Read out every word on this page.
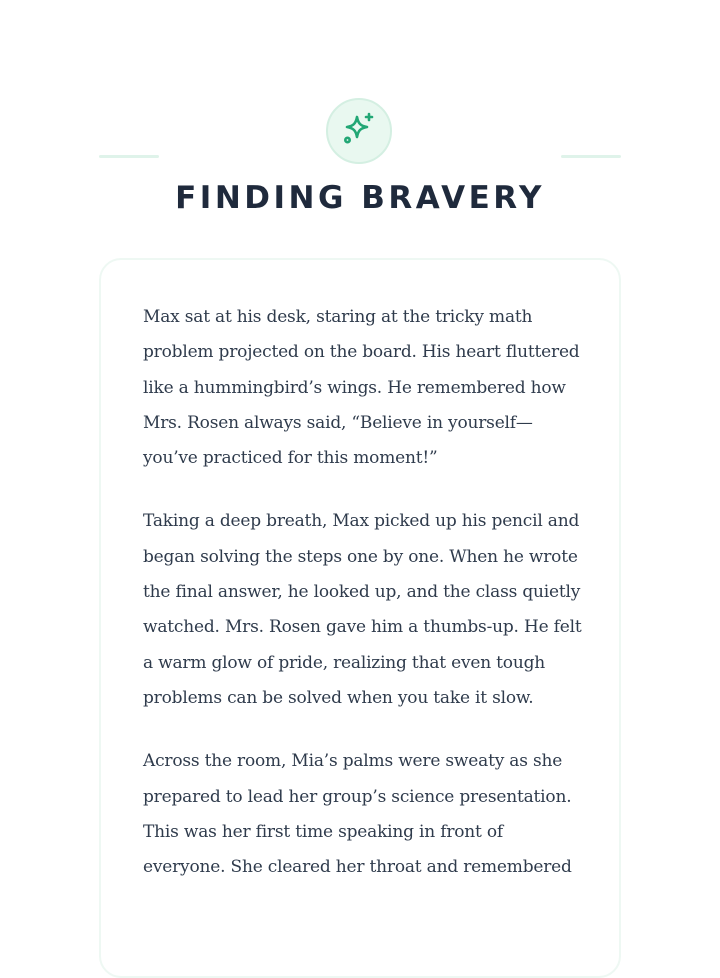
FINDING BRAVERY

Max sat at his desk, staring at the tricky math problem projected on the board. His heart fluttered like a hummingbird’s wings. He remembered how Mrs. Rosen always said, “Believe in yourself— you’ve practiced for this moment!”

Taking a deep breath, Max picked up his pencil and began solving the steps one by one. When he wrote the final answer, he looked up, and the class quietly watched. Mrs. Rosen gave him a thumbs-up. He felt a warm glow of pride, realizing that even tough problems can be solved when you take it slow.

Across the room, Mia’s palms were sweaty as she prepared to lead her group’s science presentation. This was her first time speaking in front of everyone. She cleared her throat and remembered
